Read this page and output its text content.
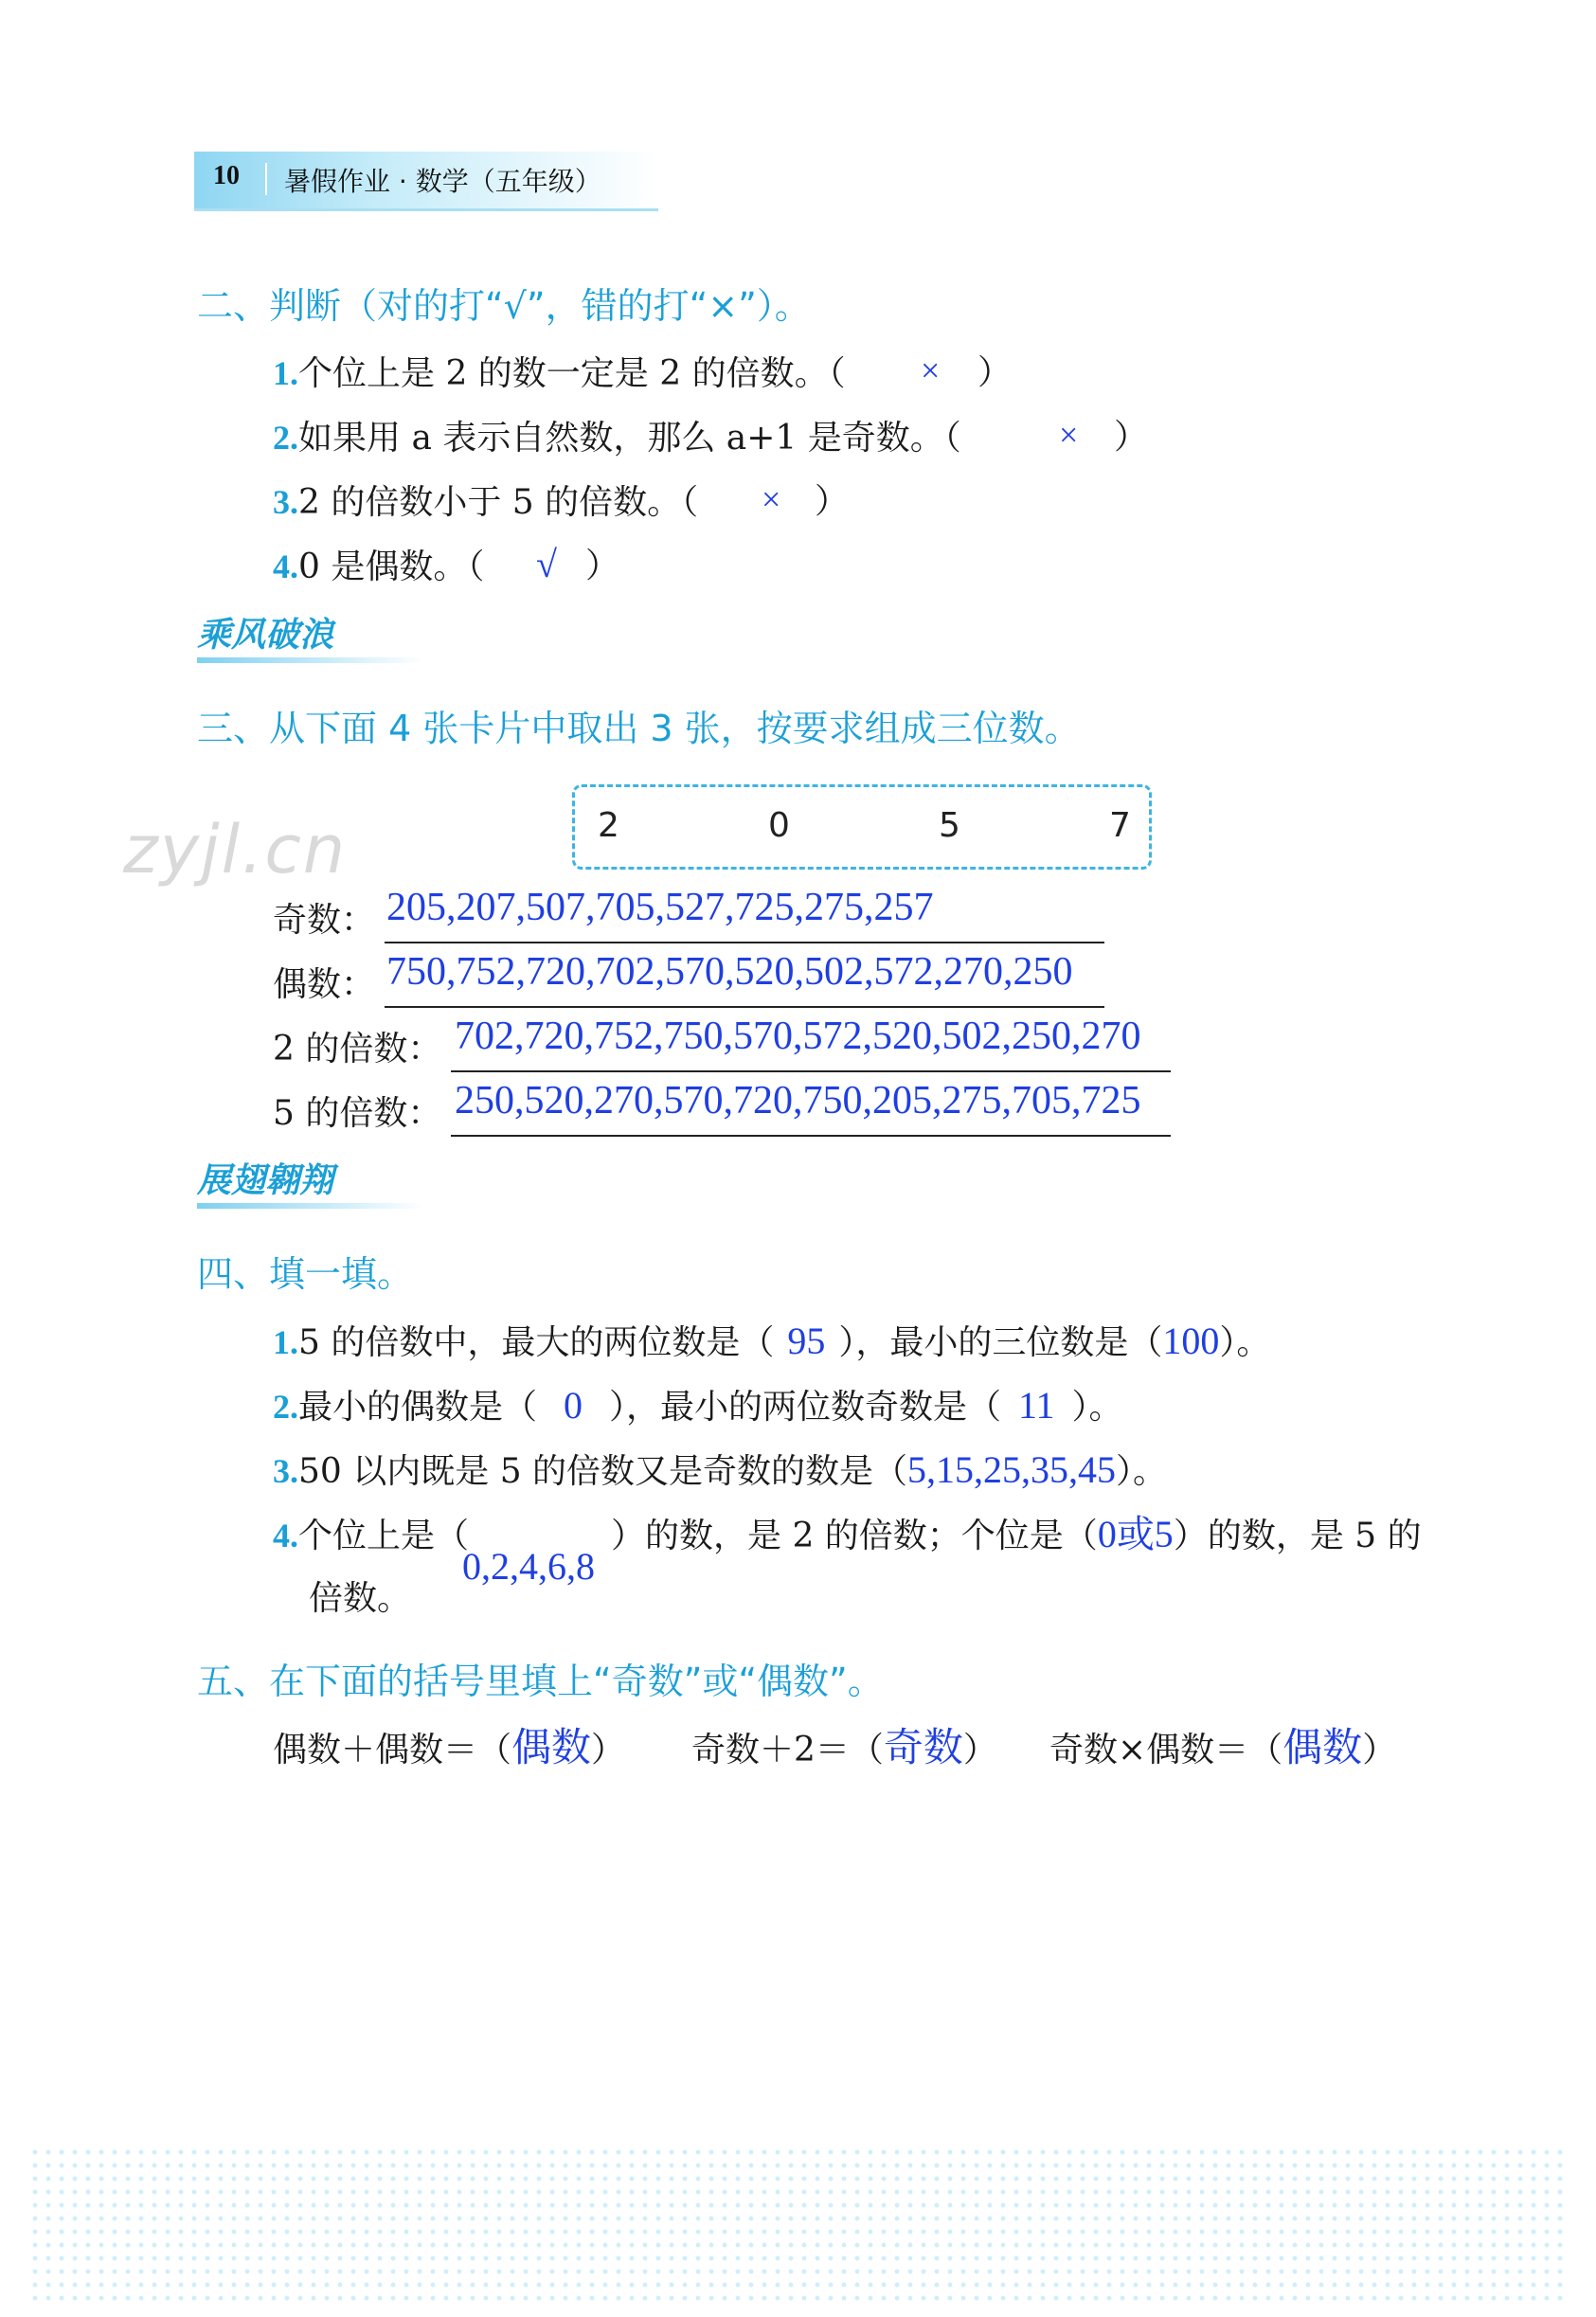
10 暑假作业 · 数学（五年级）
二、判断（对的打“√”，错的打“×”）。
1.个位上是 2 的数一定是 2 的倍数。（ × ）
2.如果用 a 表示自然数，那么 a+1 是奇数。（	× ）
3.2 的倍数小于 5 的倍数。（ × ）
4.0 是偶数。（ √ ）
乘风破浪
三、从下面 4 张卡片中取出 3 张，按要求组成三位数。
2	0	5	7
zyjl.cn
奇数： 205,207,507,705,527,725,275,257
偶数： 750,752,720,702,570,520,502,572,270,250
2 的倍数： 702,720,752,750,570,572,520,502,250,270
5 的倍数： 250,520,270,570,720,750,205,275,705,725
展翅翱翔
四、填一填。
1.5 的倍数中，最大的两位数是（ 95 ），最小的三位数是（100）。
2.最小的偶数是（ 0 ），最小的两位数奇数是（ 11 ）。
3.50 以内既是 5 的倍数又是奇数的数是（5,15,25,35,45）。
4.个位上是（	）的数，是 2 的倍数；个位是（0或5）的数，是 5 的
0,2,4,6,8
倍数。
五、在下面的括号里填上“奇数”或“偶数”。
偶数＋偶数＝（偶数） 奇数＋2＝（奇数） 奇数×偶数＝（偶数）
